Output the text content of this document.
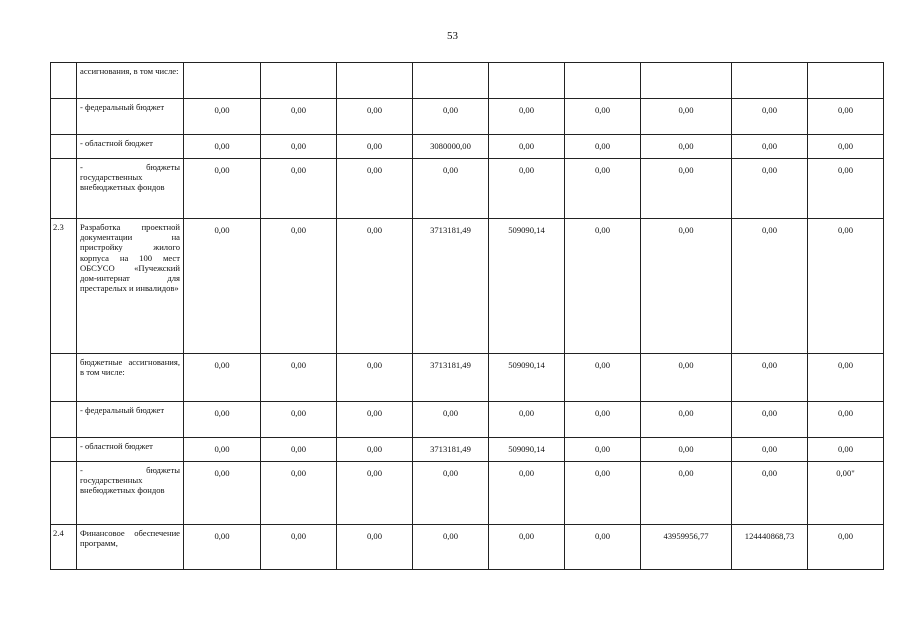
53
	ассигнования, в том числе:									
	- федеральный бюджет	0,00	0,00	0,00	0,00	0,00	0,00	0,00	0,00	0,00
	- областной бюджет	0,00	0,00	0,00	3080000,00	0,00	0,00	0,00	0,00	0,00
	- бюджеты государственных внебюджетных фондов	0,00	0,00	0,00	0,00	0,00	0,00	0,00	0,00	0,00
2.3	Разработка проектной документации на пристройку жилого корпуса на 100 мест ОБСУСО «Пучежский дом-интернат для престарелых и инвалидов»	0,00	0,00	0,00	3713181,49	509090,14	0,00	0,00	0,00	0,00
	бюджетные ассигнования, в том числе:	0,00	0,00	0,00	3713181,49	509090,14	0,00	0,00	0,00	0,00
	- федеральный бюджет	0,00	0,00	0,00	0,00	0,00	0,00	0,00	0,00	0,00
	- областной бюджет	0,00	0,00	0,00	3713181,49	509090,14	0,00	0,00	0,00	0,00
	- бюджеты государственных внебюджетных фондов	0,00	0,00	0,00	0,00	0,00	0,00	0,00	0,00	0,00"
2.4	Финансовое обеспечение программ,	0,00	0,00	0,00	0,00	0,00	0,00	43959956,77	124440868,73	0,00
